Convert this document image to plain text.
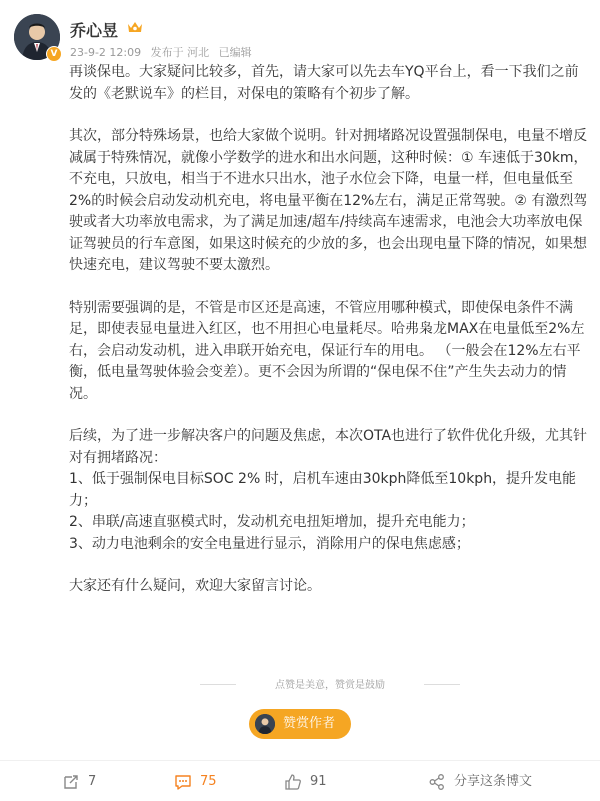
V
乔心昱
23-9-2 12:09 发布于 河北 已编辑

再谈保电。大家疑问比较多，首先，请大家可以先去车YQ平台上，看一下我们之前发的《老默说车》的栏目，对保电的策略有个初步了解。

其次，部分特殊场景，也给大家做个说明。针对拥堵路况设置强制保电，电量不增反减属于特殊情况，就像小学数学的进水和出水问题，这种时候：① 车速低于30km，不充电，只放电，相当于不进水只出水，池子水位会下降，电量一样，但电量低至2%的时候会启动发动机充电，将电量平衡在12%左右，满足正常驾驶。② 有激烈驾驶或者大功率放电需求，为了满足加速/超车/持续高车速需求，电池会大功率放电保证驾驶员的行车意图，如果这时候充的少放的多，也会出现电量下降的情况，如果想快速充电，建议驾驶不要太激烈。

特别需要强调的是，不管是市区还是高速，不管应用哪种模式，即使保电条件不满足，即使表显电量进入红区，也不用担心电量耗尽。哈弗枭龙MAX在电量低至2%左右，会启动发动机，进入串联开始充电，保证行车的用电。 （一般会在12%左右平衡，低电量驾驶体验会变差）。更不会因为所谓的“保电保不住”产生失去动力的情况。

后续，为了进一步解决客户的问题及焦虑，本次OTA也进行了软件优化升级，尤其针对有拥堵路况：

1、低于强制保电目标SOC 2% 时，启机车速由30kph降低至10kph，提升发电能力；

2、串联/高速直驱模式时，发动机充电扭矩增加，提升充电能力；

3、动力电池剩余的安全电量进行显示，消除用户的保电焦虑感；

大家还有什么疑问，欢迎大家留言讨论。

点赞是美意，赞赏是鼓励
赞赏作者
7	75	91	分享这条博文
